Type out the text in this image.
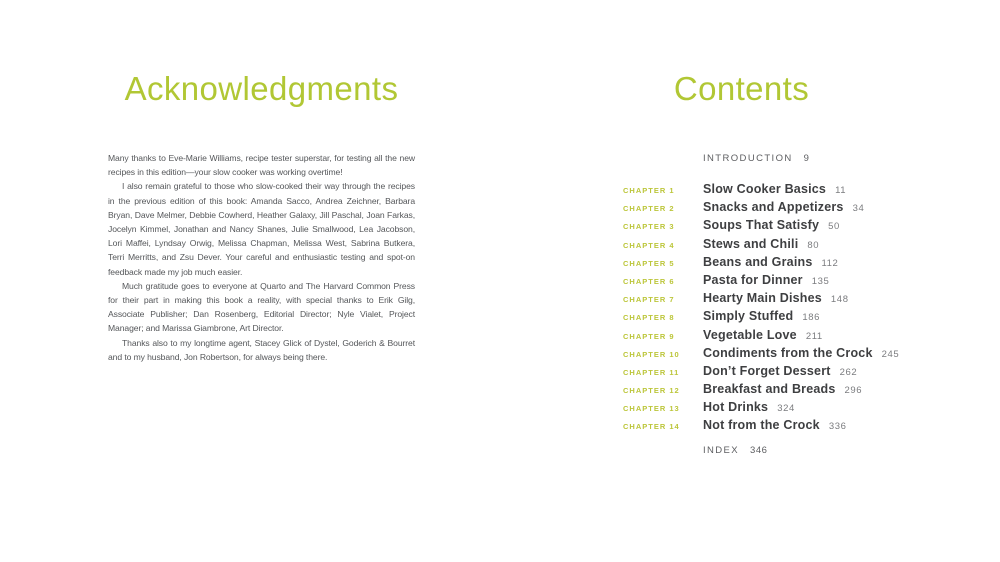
Acknowledgments

Many thanks to Eve-Marie Williams, recipe tester superstar, for testing all the new recipes in this edition—your slow cooker was working overtime!

I also remain grateful to those who slow-cooked their way through the recipes in the previous edition of this book: Amanda Sacco, Andrea Zeichner, Barbara Bryan, Dave Melmer, Debbie Cowherd, Heather Galaxy, Jill Paschal, Joan Farkas, Jocelyn Kimmel, Jonathan and Nancy Shanes, Julie Smallwood, Lea Jacobson, Lori Maffei, Lyndsay Orwig, Melissa Chapman, Melissa West, Sabrina Butkera, Terri Merritts, and Zsu Dever. Your careful and enthusiastic testing and spot-on feedback made my job much easier.

Much gratitude goes to everyone at Quarto and The Harvard Common Press for their part in making this book a reality, with special thanks to Erik Gilg, Associate Publisher; Dan Rosenberg, Editorial Director; Nyle Vialet, Project Manager; and Marissa Giambrone, Art Director.

Thanks also to my longtime agent, Stacey Glick of Dystel, Goderich & Bourret and to my husband, Jon Robertson, for always being there.

Contents
INTRODUCTION 9
CHAPTER 1	Slow Cooker Basics 11
CHAPTER 2	Snacks and Appetizers 34
CHAPTER 3	Soups That Satisfy 50
CHAPTER 4	Stews and Chili 80
CHAPTER 5	Beans and Grains 112
CHAPTER 6	Pasta for Dinner 135
CHAPTER 7	Hearty Main Dishes 148
CHAPTER 8	Simply Stuffed 186
CHAPTER 9	Vegetable Love 211
CHAPTER 10	Condiments from the Crock 245
CHAPTER 11	Don’t Forget Dessert 262
CHAPTER 12	Breakfast and Breads 296
CHAPTER 13	Hot Drinks 324
CHAPTER 14	Not from the Crock 336
INDEX 346
